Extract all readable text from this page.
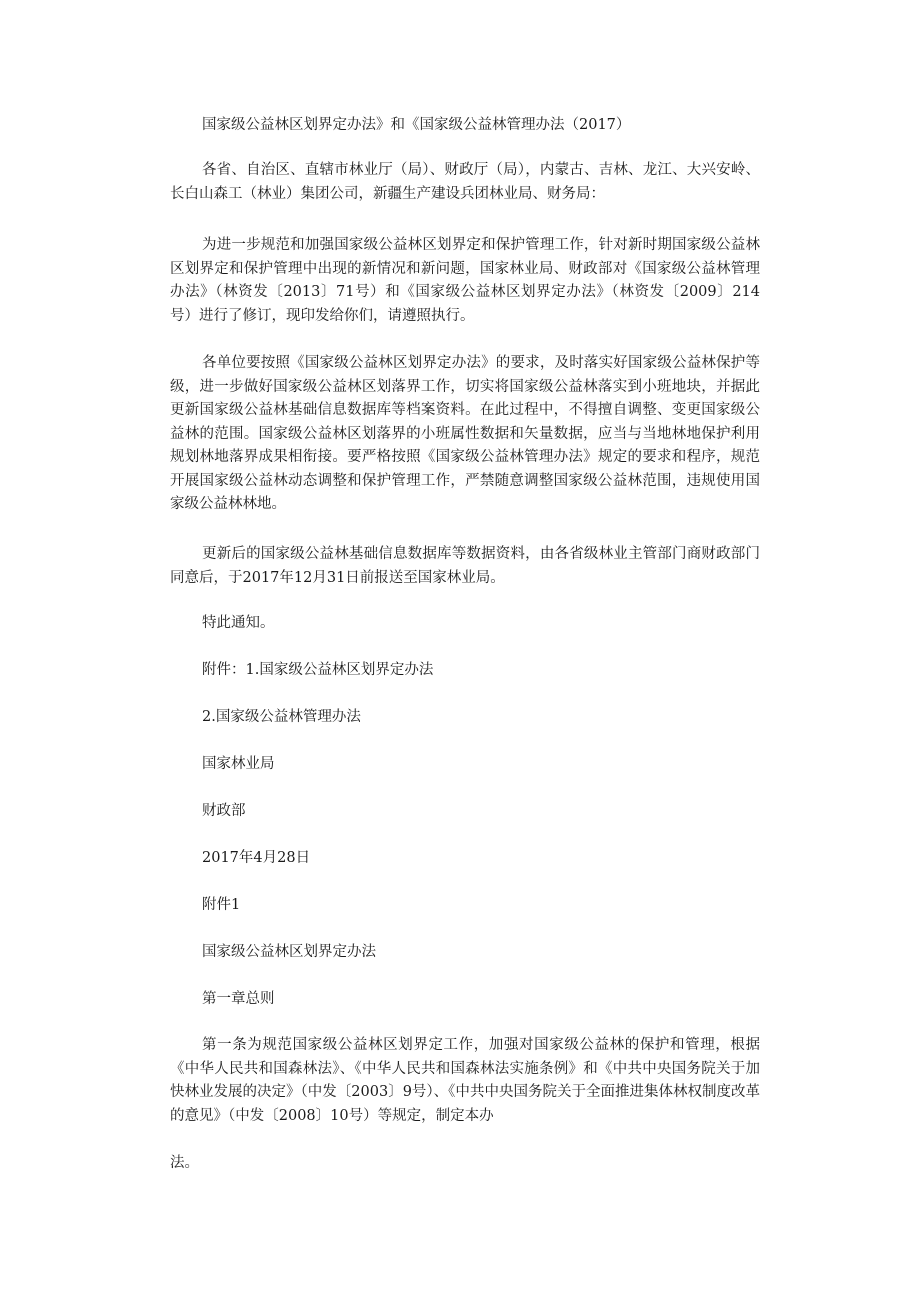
国家级公益林区划界定办法》和《国家级公益林管理办法（2017）

各省、自治区、直辖市林业厅（局）、财政厅（局），内蒙古、吉林、龙江、大兴安岭、长白山森工（林业）集团公司，新疆生产建设兵团林业局、财务局：

为进一步规范和加强国家级公益林区划界定和保护管理工作，针对新时期国家级公益林区划界定和保护管理中出现的新情况和新问题，国家林业局、财政部对《国家级公益林管理办法》（林资发〔2013〕71号）和《国家级公益林区划界定办法》（林资发〔2009〕214号）进行了修订，现印发给你们，请遵照执行。

各单位要按照《国家级公益林区划界定办法》的要求，及时落实好国家级公益林保护等级，进一步做好国家级公益林区划落界工作，切实将国家级公益林落实到小班地块，并据此更新国家级公益林基础信息数据库等档案资料。在此过程中，不得擅自调整、变更国家级公益林的范围。国家级公益林区划落界的小班属性数据和矢量数据，应当与当地林地保护利用规划林地落界成果相衔接。要严格按照《国家级公益林管理办法》规定的要求和程序，规范开展国家级公益林动态调整和保护管理工作，严禁随意调整国家级公益林范围，违规使用国家级公益林林地。

更新后的国家级公益林基础信息数据库等数据资料，由各省级林业主管部门商财政部门同意后，于2017年12月31日前报送至国家林业局。

特此通知。

附件：1.国家级公益林区划界定办法

2.国家级公益林管理办法

国家林业局

财政部

2017年4月28日

附件1

国家级公益林区划界定办法

第一章总则

第一条为规范国家级公益林区划界定工作，加强对国家级公益林的保护和管理，根据《中华人民共和国森林法》、《中华人民共和国森林法实施条例》和《中共中央国务院关于加快林业发展的决定》（中发〔2003〕9号）、《中共中央国务院关于全面推进集体林权制度改革的意见》（中发〔2008〕10号）等规定，制定本办

法。
